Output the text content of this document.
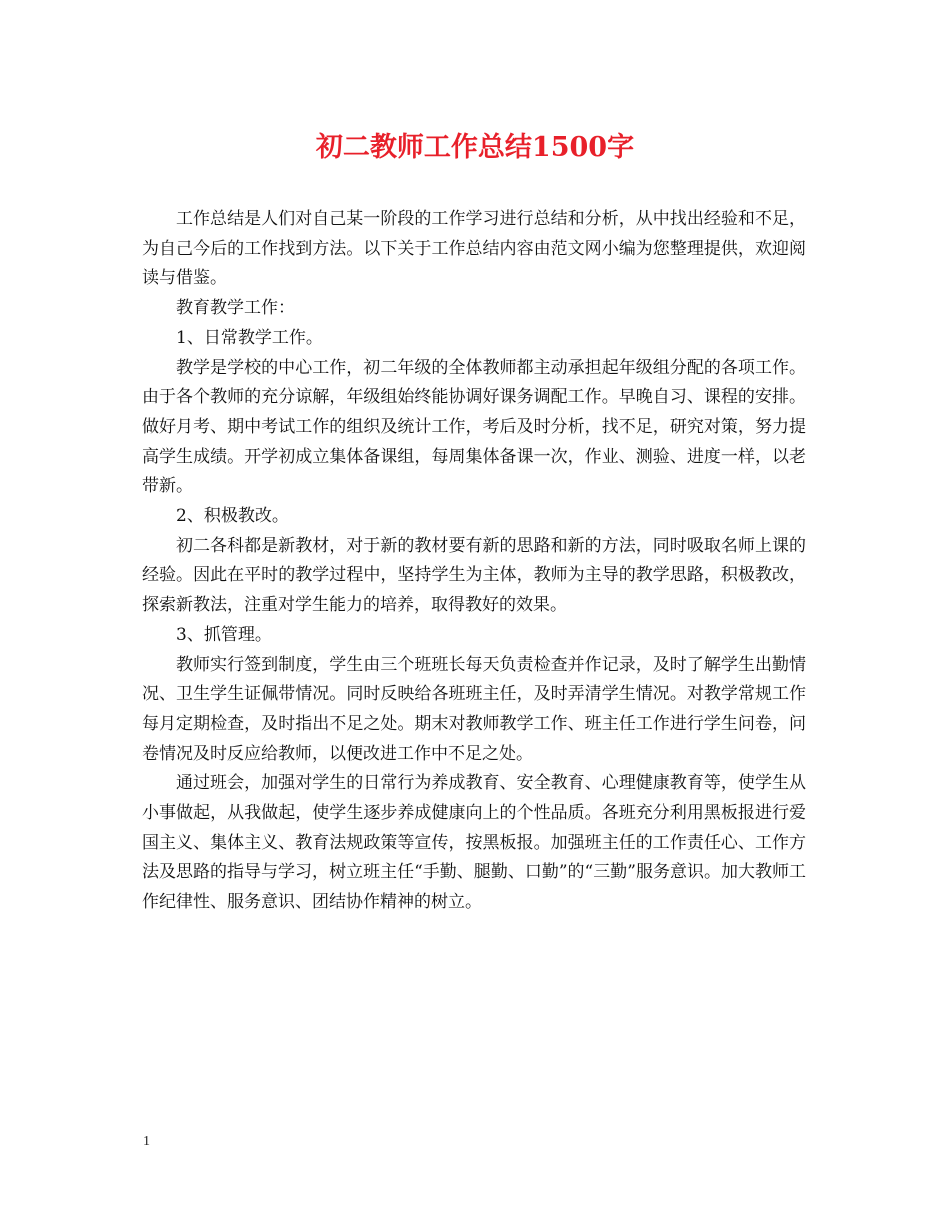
初二教师工作总结1500字

工作总结是人们对自己某一阶段的工作学习进行总结和分析，从中找出经验和不足，为自己今后的工作找到方法。以下关于工作总结内容由范文网小编为您整理提供，欢迎阅读与借鉴。

教育教学工作：

1、日常教学工作。

教学是学校的中心工作，初二年级的全体教师都主动承担起年级组分配的各项工作。由于各个教师的充分谅解，年级组始终能协调好课务调配工作。早晚自习、课程的安排。做好月考、期中考试工作的组织及统计工作，考后及时分析，找不足，研究对策，努力提高学生成绩。开学初成立集体备课组，每周集体备课一次，作业、测验、进度一样，以老带新。

2、积极教改。

初二各科都是新教材，对于新的教材要有新的思路和新的方法，同时吸取名师上课的经验。因此在平时的教学过程中，坚持学生为主体，教师为主导的教学思路，积极教改，探索新教法，注重对学生能力的培养，取得教好的效果。

3、抓管理。

教师实行签到制度，学生由三个班班长每天负责检查并作记录，及时了解学生出勤情况、卫生学生证佩带情况。同时反映给各班班主任，及时弄清学生情况。对教学常规工作每月定期检查，及时指出不足之处。期末对教师教学工作、班主任工作进行学生问卷，问卷情况及时反应给教师，以便改进工作中不足之处。

通过班会，加强对学生的日常行为养成教育、安全教育、心理健康教育等，使学生从小事做起，从我做起，使学生逐步养成健康向上的个性品质。各班充分利用黑板报进行爱国主义、集体主义、教育法规政策等宣传，按黑板报。加强班主任的工作责任心、工作方法及思路的指导与学习，树立班主任“手勤、腿勤、口勤”的“三勤”服务意识。加大教师工作纪律性、服务意识、团结协作精神的树立。

1
